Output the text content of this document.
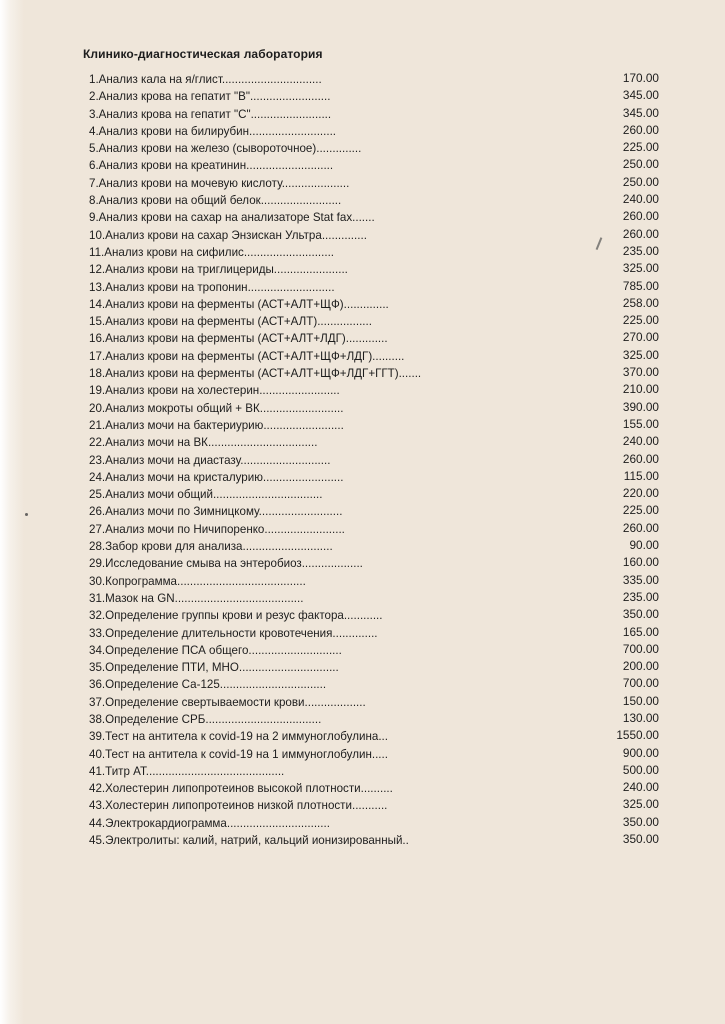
Клинико-диагностическая лаборатория
1.Анализ кала на я/глист...............................	170.00
2.Анализ крова на гепатит "В".........................	345.00
3.Анализ крова на гепатит "С".........................	345.00
4.Анализ крови на билирубин...........................	260.00
5.Анализ крови на железо (сывороточное)..............	225.00
6.Анализ крови на креатинин...........................	250.00
7.Анализ крови на мочевую кислоту.....................	250.00
8.Анализ крови на общий белок.........................	240.00
9.Анализ крови на сахар на анализаторе Stat fax.......	260.00
10.Анализ крови на сахар Энзискан Ультра..............	260.00
11.Анализ крови на сифилис............................	235.00
12.Анализ крови на триглицериды.......................	325.00
13.Анализ крови на тропонин...........................	785.00
14.Анализ крови на ферменты (АСТ+АЛТ+ЩФ)..............	258.00
15.Анализ крови на ферменты (АСТ+АЛТ).................	225.00
16.Анализ крови на ферменты (АСТ+АЛТ+ЛДГ).............	270.00
17.Анализ крови на ферменты (АСТ+АЛТ+ЩФ+ЛДГ)..........	325.00
18.Анализ крови на ферменты (АСТ+АЛТ+ЩФ+ЛДГ+ГГТ).......	370.00
19.Анализ крови на холестерин.........................	210.00
20.Анализ мокроты общий + ВК..........................	390.00
21.Анализ мочи на бактериурию.........................	155.00
22.Анализ мочи на ВК..................................	240.00
23.Анализ мочи на диастазу............................	260.00
24.Анализ мочи на кристалурию.........................	115.00
25.Анализ мочи общий..................................	220.00
26.Анализ мочи по Зимницкому..........................	225.00
27.Анализ мочи по Ничипоренко.........................	260.00
28.Забор крови для анализа............................	90.00
29.Исследование смыва на энтеробиоз...................	160.00
30.Копрограмма........................................	335.00
31.Мазок на GN........................................	235.00
32.Определение группы крови и резус фактора............	350.00
33.Определение длительности кровотечения..............	165.00
34.Определение ПСА общего.............................	700.00
35.Определение ПТИ, МНО...............................	200.00
36.Определение Са-125.................................	700.00
37.Определение свертываемости крови...................	150.00
38.Определение СРБ....................................	130.00
39.Тест на антитела к covid-19 на 2 иммуноглобулина...	1550.00
40.Тест на антитела к covid-19 на 1 иммуноглобулин.....	900.00
41.Титр АТ...........................................	500.00
42.Холестерин липопротеинов высокой плотности..........	240.00
43.Холестерин липопротеинов низкой плотности...........	325.00
44.Электрокардиограмма................................	350.00
45.Электролиты: калий, натрий, кальций ионизированный..	350.00
